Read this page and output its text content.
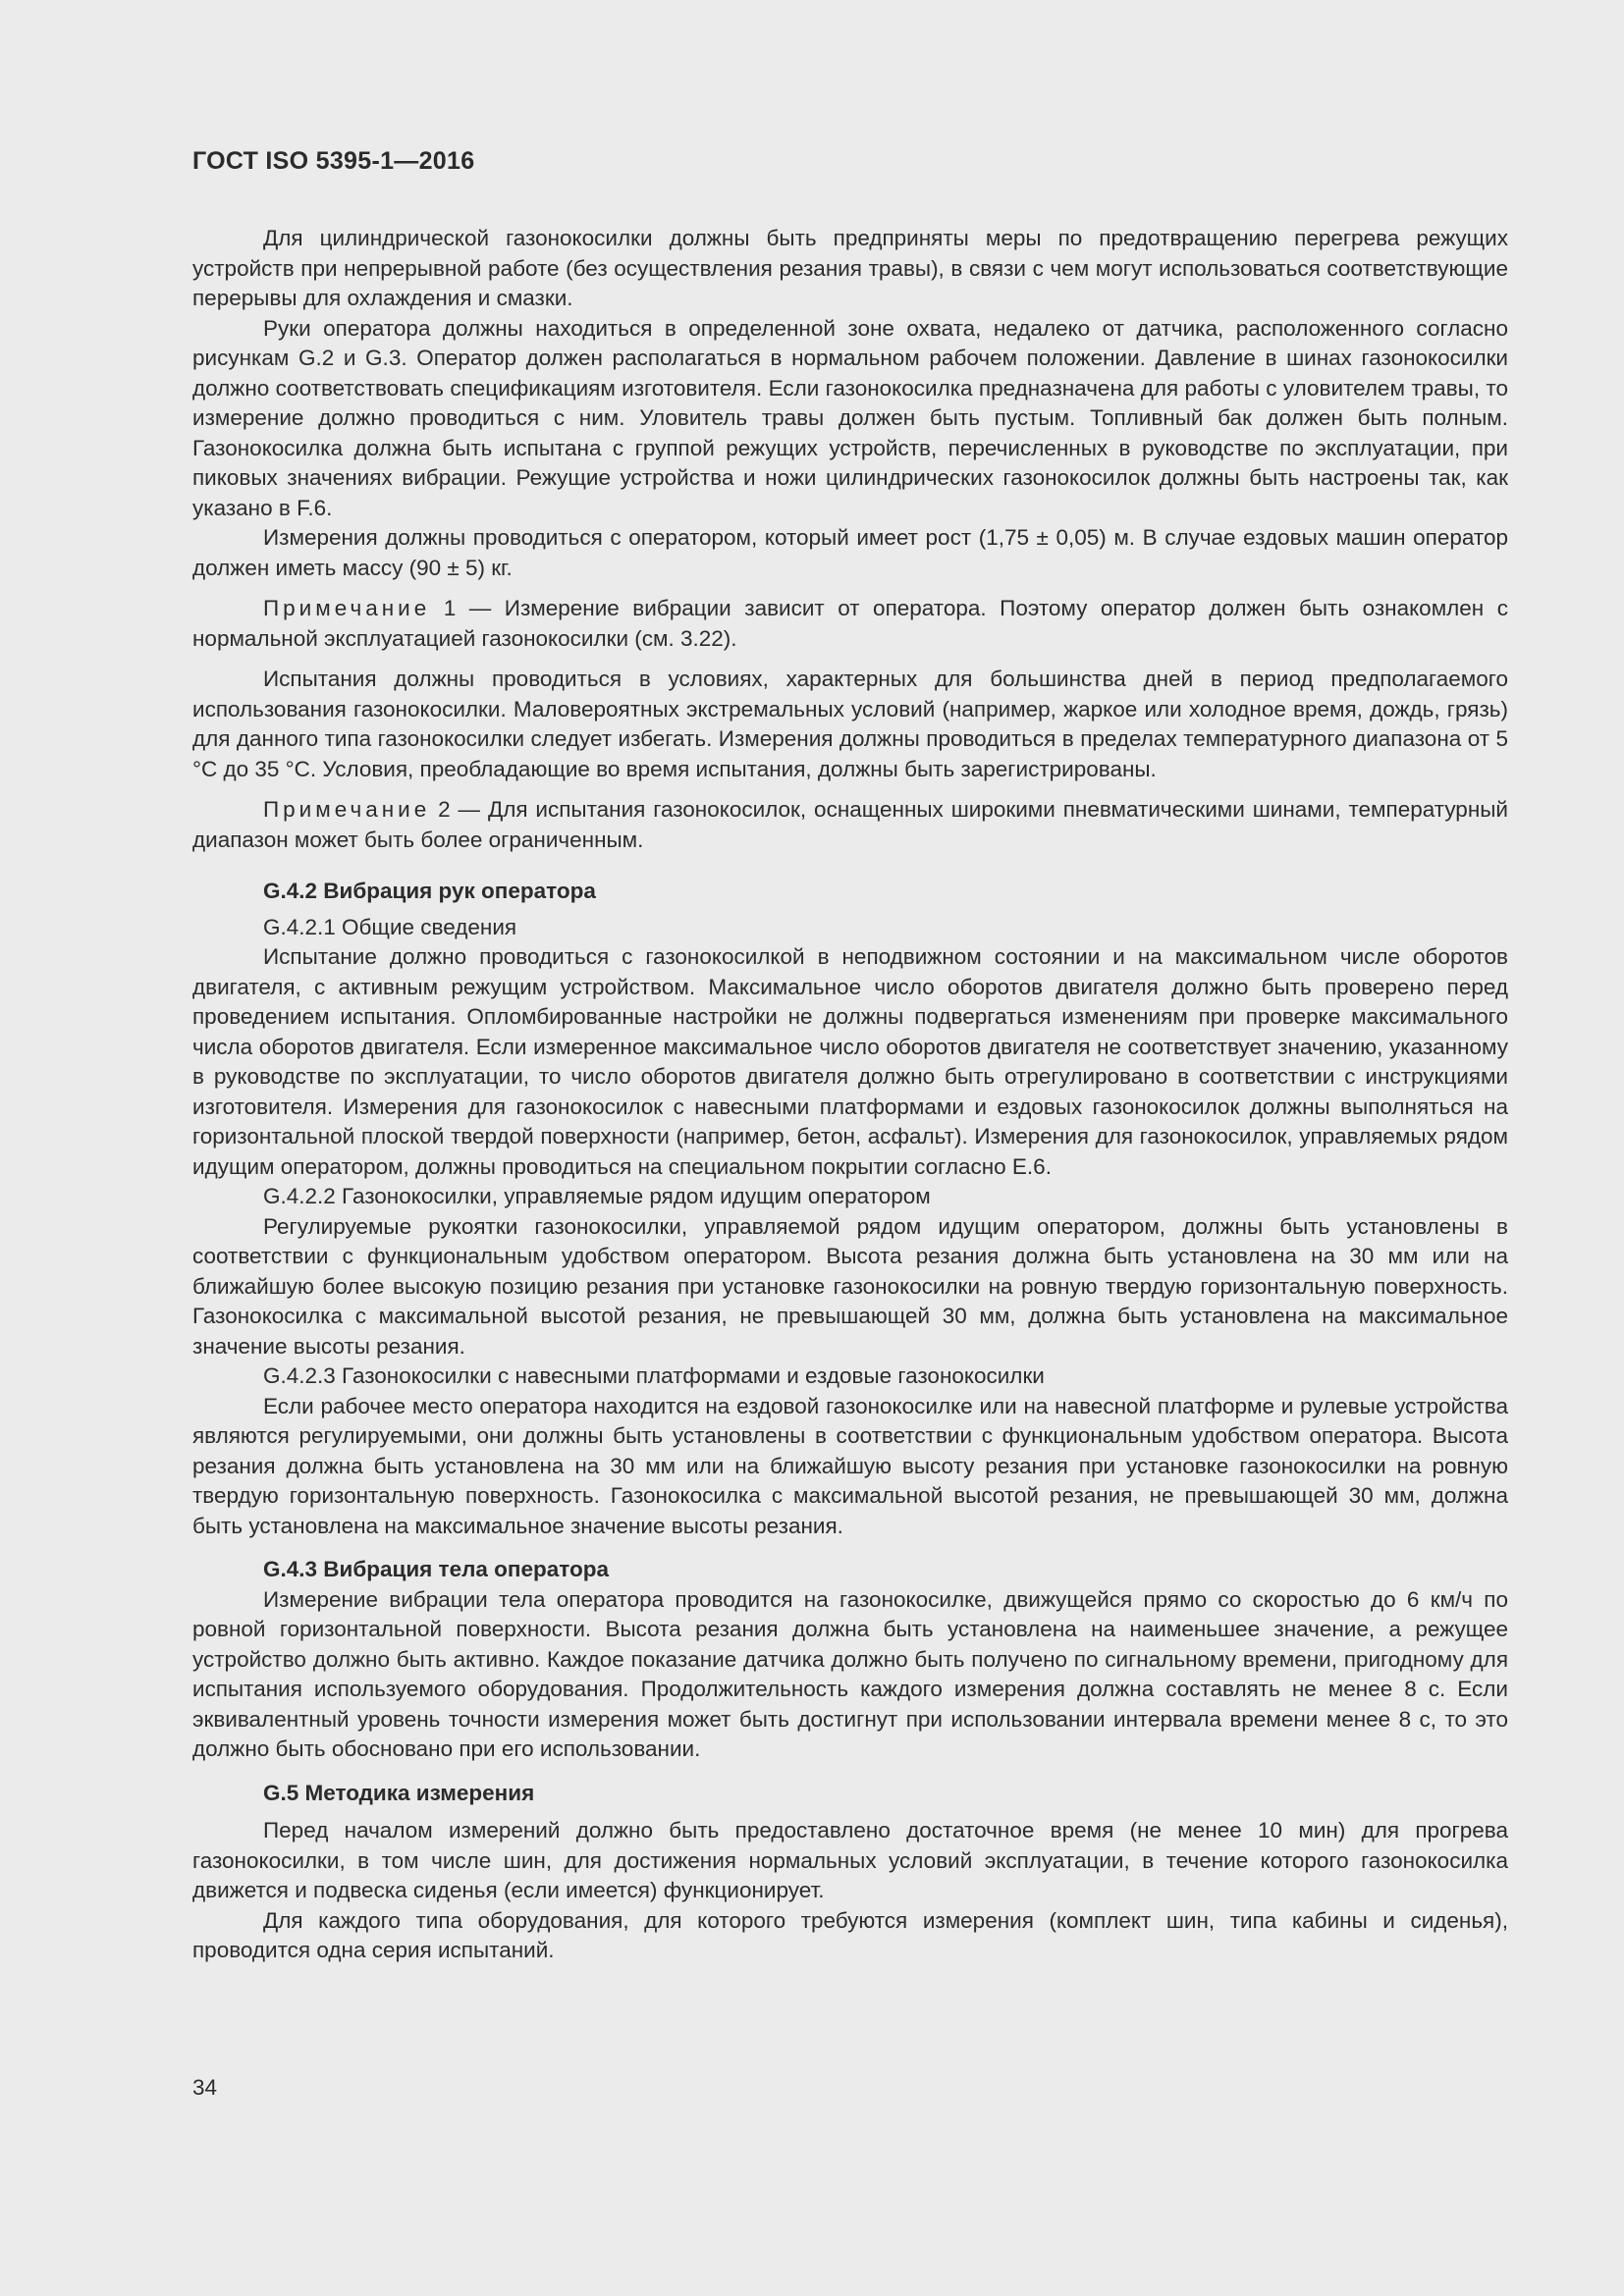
ГОСТ ISO 5395-1—2016

Для цилиндрической газонокосилки должны быть предприняты меры по предотвращению перегрева режущих устройств при непрерывной работе (без осуществления резания травы), в связи с чем могут использоваться соответствующие перерывы для охлаждения и смазки.

Руки оператора должны находиться в определенной зоне охвата, недалеко от датчика, расположенного согласно рисункам G.2 и G.3. Оператор должен располагаться в нормальном рабочем положении. Давление в шинах газонокосилки должно соответствовать спецификациям изготовителя. Если газонокосилка предназначена для работы с уловителем травы, то измерение должно проводиться с ним. Уловитель травы должен быть пустым. Топливный бак должен быть полным. Газонокосилка должна быть испытана с группой режущих устройств, перечисленных в руководстве по эксплуатации, при пиковых значениях вибрации. Режущие устройства и ножи цилиндрических газонокосилок должны быть настроены так, как указано в F.6.

Измерения должны проводиться с оператором, который имеет рост (1,75 ± 0,05) м. В случае ездовых машин оператор должен иметь массу (90 ± 5) кг.

Примечание 1 — Измерение вибрации зависит от оператора. Поэтому оператор должен быть ознакомлен с нормальной эксплуатацией газонокосилки (см. 3.22).

Испытания должны проводиться в условиях, характерных для большинства дней в период предполагаемого использования газонокосилки. Маловероятных экстремальных условий (например, жаркое или холодное время, дождь, грязь) для данного типа газонокосилки следует избегать. Измерения должны проводиться в пределах температурного диапазона от 5 °C до 35 °C. Условия, преобладающие во время испытания, должны быть зарегистрированы.

Примечание 2 — Для испытания газонокосилок, оснащенных широкими пневматическими шинами, температурный диапазон может быть более ограниченным.

G.4.2 Вибрация рук оператора

G.4.2.1 Общие сведения

Испытание должно проводиться с газонокосилкой в неподвижном состоянии и на максимальном числе оборотов двигателя, с активным режущим устройством. Максимальное число оборотов двигателя должно быть проверено перед проведением испытания. Опломбированные настройки не должны подвергаться изменениям при проверке максимального числа оборотов двигателя. Если измеренное максимальное число оборотов двигателя не соответствует значению, указанному в руководстве по эксплуатации, то число оборотов двигателя должно быть отрегулировано в соответствии с инструкциями изготовителя. Измерения для газонокосилок с навесными платформами и ездовых газонокосилок должны выполняться на горизонтальной плоской твердой поверхности (например, бетон, асфальт). Измерения для газонокосилок, управляемых рядом идущим оператором, должны проводиться на специальном покрытии согласно E.6.

G.4.2.2 Газонокосилки, управляемые рядом идущим оператором

Регулируемые рукоятки газонокосилки, управляемой рядом идущим оператором, должны быть установлены в соответствии с функциональным удобством оператором. Высота резания должна быть установлена на 30 мм или на ближайшую более высокую позицию резания при установке газонокосилки на ровную твердую горизонтальную поверхность. Газонокосилка с максимальной высотой резания, не превышающей 30 мм, должна быть установлена на максимальное значение высоты резания.

G.4.2.3 Газонокосилки с навесными платформами и ездовые газонокосилки

Если рабочее место оператора находится на ездовой газонокосилке или на навесной платформе и рулевые устройства являются регулируемыми, они должны быть установлены в соответствии с функциональным удобством оператора. Высота резания должна быть установлена на 30 мм или на ближайшую высоту резания при установке газонокосилки на ровную твердую горизонтальную поверхность. Газонокосилка с максимальной высотой резания, не превышающей 30 мм, должна быть установлена на максимальное значение высоты резания.

G.4.3 Вибрация тела оператора

Измерение вибрации тела оператора проводится на газонокосилке, движущейся прямо со скоростью до 6 км/ч по ровной горизонтальной поверхности. Высота резания должна быть установлена на наименьшее значение, а режущее устройство должно быть активно. Каждое показание датчика должно быть получено по сигнальному времени, пригодному для испытания используемого оборудования. Продолжительность каждого измерения должна составлять не менее 8 с. Если эквивалентный уровень точности измерения может быть достигнут при использовании интервала времени менее 8 с, то это должно быть обосновано при его использовании.

G.5 Методика измерения

Перед началом измерений должно быть предоставлено достаточное время (не менее 10 мин) для прогрева газонокосилки, в том числе шин, для достижения нормальных условий эксплуатации, в течение которого газонокосилка движется и подвеска сиденья (если имеется) функционирует.

Для каждого типа оборудования, для которого требуются измерения (комплект шин, типа кабины и сиденья), проводится одна серия испытаний.

34
